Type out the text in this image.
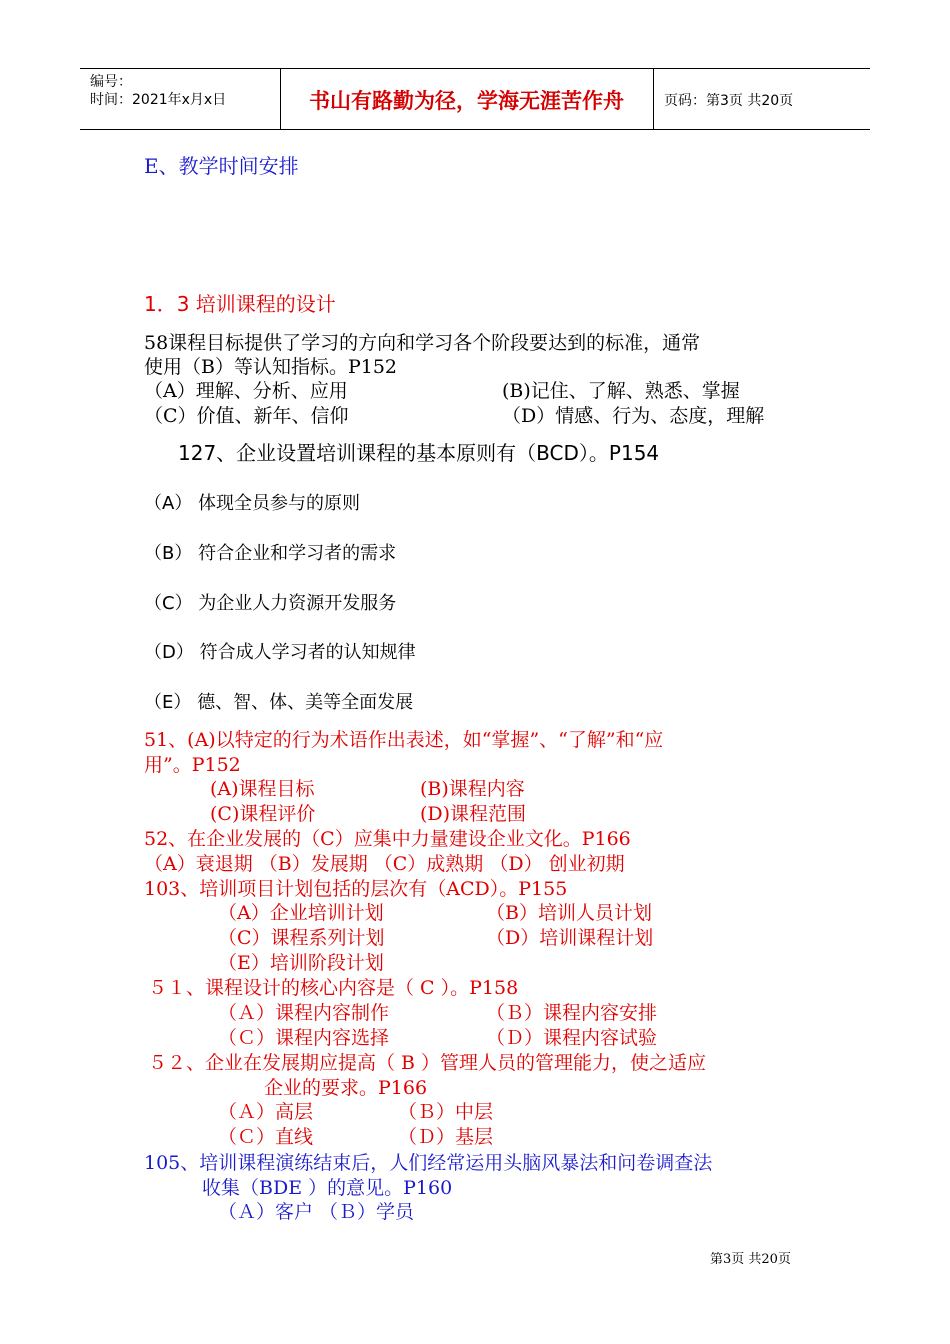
编号：
时间：2021年x月x日	书山有路勤为径，学海无涯苦作舟	页码：第3页 共20页
E、教学时间安排
1．3 培训课程的设计
58课程目标提供了学习的方向和学习各个阶段要达到的标准，通常
使用（B）等认知指标。P152
（A）理解、分析、应用	(B)记住、了解、熟悉、掌握
（C）价值、新年、信仰	（D）情感、行为、态度，理解
127、企业设置培训课程的基本原则有（BCD）。P154
（A） 体现全员参与的原则
（B） 符合企业和学习者的需求
（C） 为企业人力资源开发服务
（D） 符合成人学习者的认知规律
（E） 德、智、体、美等全面发展
51、(A)以特定的行为术语作出表述，如“掌握”、“了解”和“应
用”。P152
(A)课程目标	(B)课程内容
(C)课程评价	(D)课程范围
52、在企业发展的（C）应集中力量建设企业文化。P166
（A）衰退期 （B）发展期 （C）成熟期 （D） 创业初期
103、培训项目计划包括的层次有（ACD）。P155
（A）企业培训计划	（B）培训人员计划
（C）课程系列计划	（D）培训课程计划
（E）培训阶段计划
５１、课程设计的核心内容是（ C ）。P158
（Ａ）课程内容制作	（Ｂ）课程内容安排
（Ｃ）课程内容选择	（Ｄ）课程内容试验
５２、企业在发展期应提高（ B ）管理人员的管理能力，使之适应
企业的要求。P166
（Ａ）高层	（Ｂ）中层
（Ｃ）直线	（Ｄ）基层
105、培训课程演练结束后，人们经常运用头脑风暴法和问卷调查法
收集（BDE ）的意见。P160
（Ａ）客户 （Ｂ）学员
第3页 共20页
